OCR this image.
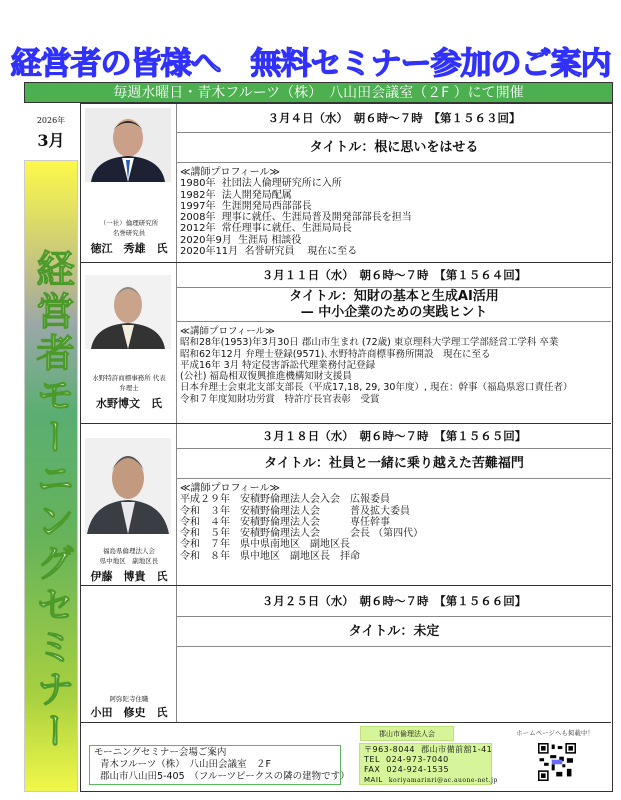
経営者の皆様へ　無料セミナー参加のご案内
毎週水曜日・青木フルーツ（株）　八山田会議室（２F ）にて開催
2026年
3月
経営者モーニングセミナー
（一社）倫理研究所
名誉研究員
徳江　秀雄　氏
３月４日（水）　朝６時～７時　【第１５６３回】
タイトル：根に思いをはせる
≪講師プロフィール≫
1980年  社団法人倫理研究所に入所
1982年  法人開発局配属
1997年  生涯開発局西部部長
2008年  理事に就任、生涯局普及開発部部長を担当
2012年  常任理事に就任、生涯局局長
2020年9月  生涯局 相談役
2020年11月  名誉研究員    現在に至る
水野特許商標事務所 代表
弁理士
水野博文　氏
３月１１日（水）　朝６時～７時　【第１５６４回】
タイトル：知財の基本と生成AI活用
— 中小企業のための実践ヒント
≪講師プロフィール≫
昭和28年(1953)年3月30日 郡山市生まれ (72歳) 東京理科大学理工学部経営工学科 卒業
昭和62年12月 弁理士登録(9571)､水野特許商標事務所開設　現在に至る
平成16年 3月 特定侵害訴訟代理業務付記登録
(公社) 福島相双復興推進機構知財支援員
日本弁理士会東北支部支部長（平成17,18, 29, 30年度）, 現在：幹事（福島県窓口責任者）
令和７年度知財功労賞　特許庁長官表彰　受賞
福島県倫理法人会
県中地区　副地区長
伊藤　博貴　氏
３月１８日（水）　朝６時～７時　【第１５６５回】
タイトル：社員と一緒に乗り越えた苦難福門
≪講師プロフィール≫
平成２９年　安積野倫理法人会入会　広報委員
令和　３年　安積野倫理法人会　　　普及拡大委員
令和　４年　安積野倫理法人会　　　専任幹事
令和　５年　安積野倫理法人会　　　会長 （第四代）
令和　７年　県中県南地区　副地区長
令和　８年　県中地区　副地区長　拝命
阿弥陀寺住職
小田　修史　氏
３月２５日（水）　朝６時～７時　【第１５６６回】
タイトル：未定
モーニングセミナー会場ご案内
青木フルーツ（株）　八山田会議室　２F
郡山市八山田5-405　（フルーツピークスの隣の建物です）
郡山市倫理法人会
〒963-8044  郡山市備前舘1-41
TEL  024-973-7040
FAX  024-924-1535
MAIL koriyamarinri@ac.auone-net.jp
ホームページへも掲載中！
